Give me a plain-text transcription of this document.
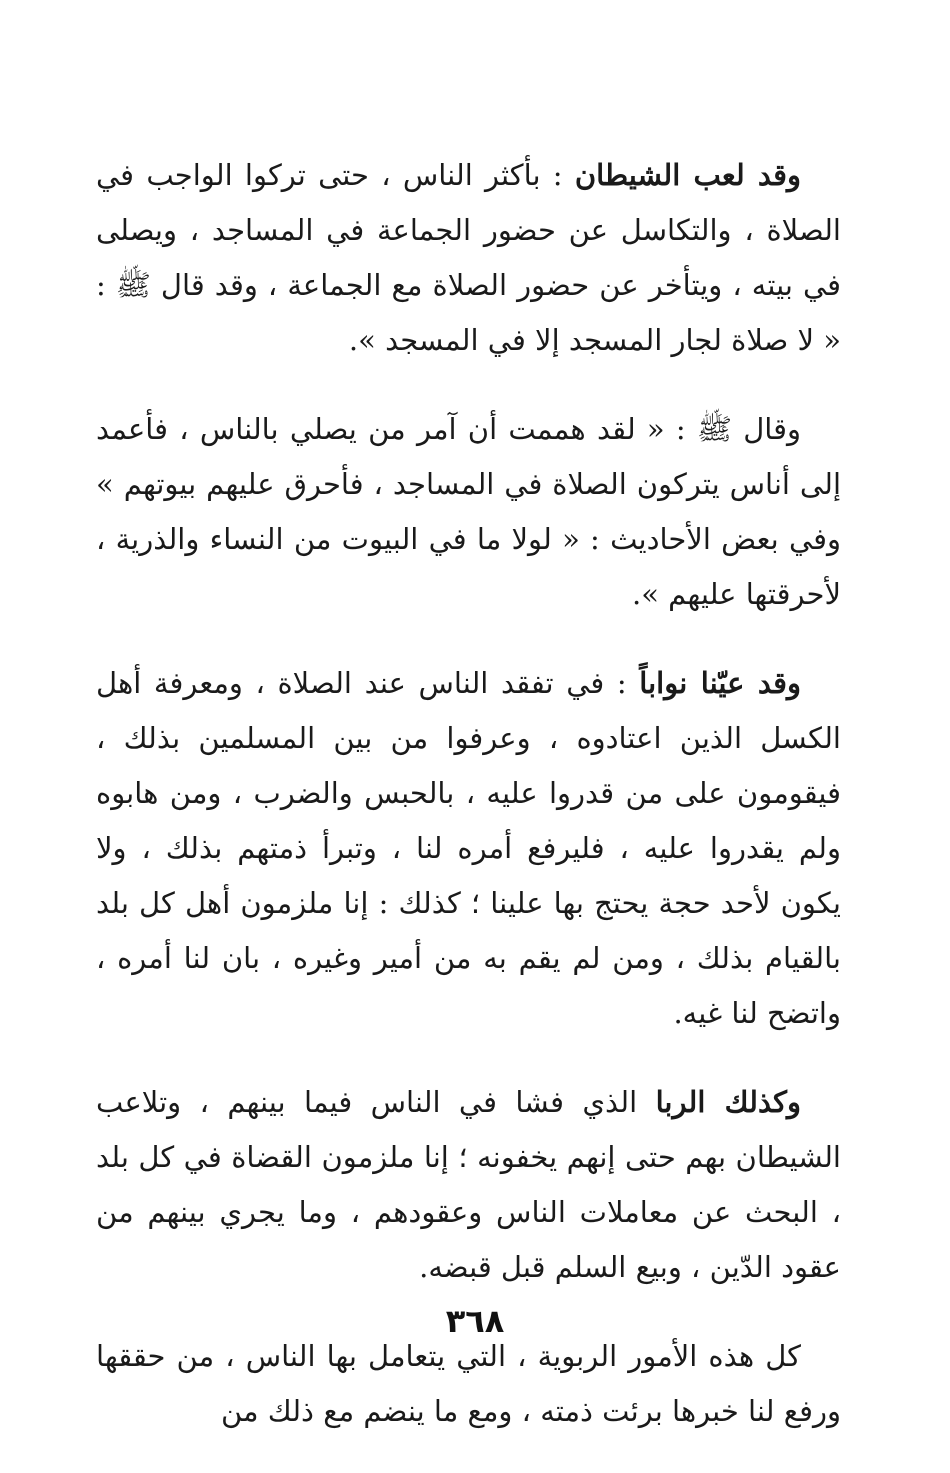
وقد لعب الشيطان : بأكثر الناس ، حتى تركوا الواجب في الصلاة ، والتكاسل عن حضور الجماعة في المساجد ، ويصلى في بيته ، ويتأخر عن حضور الصلاة مع الجماعة ، وقد قال ﷺ : « لا صلاة لجار المسجد إلا في المسجد ».

وقال ﷺ : « لقد هممت أن آمر من يصلي بالناس ، فأعمد إلى أناس يتركون الصلاة في المساجد ، فأحرق عليهم بيوتهم » وفي بعض الأحاديث : « لولا ما في البيوت من النساء والذرية ، لأحرقتها عليهم ».

وقد عيّنا نواباً : في تفقد الناس عند الصلاة ، ومعرفة أهل الكسل الذين اعتادوه ، وعرفوا من بين المسلمين بذلك ، فيقومون على من قدروا عليه ، بالحبس والضرب ، ومن هابوه ولم يقدروا عليه ، فليرفع أمره لنا ، وتبرأ ذمتهم بذلك ، ولا يكون لأحد حجة يحتج بها علينا ؛ كذلك : إنا ملزمون أهل كل بلد بالقيام بذلك ، ومن لم يقم به من أمير وغيره ، بان لنا أمره ، واتضح لنا غيه.

وكذلك الربا الذي فشا في الناس فيما بينهم ، وتلاعب الشيطان بهم حتى إنهم يخفونه ؛ إنا ملزمون القضاة في كل بلد ، البحث عن معاملات الناس وعقودهم ، وما يجري بينهم من عقود الدّين ، وبيع السلم قبل قبضه.

كل هذه الأمور الربوية ، التي يتعامل بها الناس ، من حققها ورفع لنا خبرها برئت ذمته ، ومع ما ينضم مع ذلك من

٣٦٨
